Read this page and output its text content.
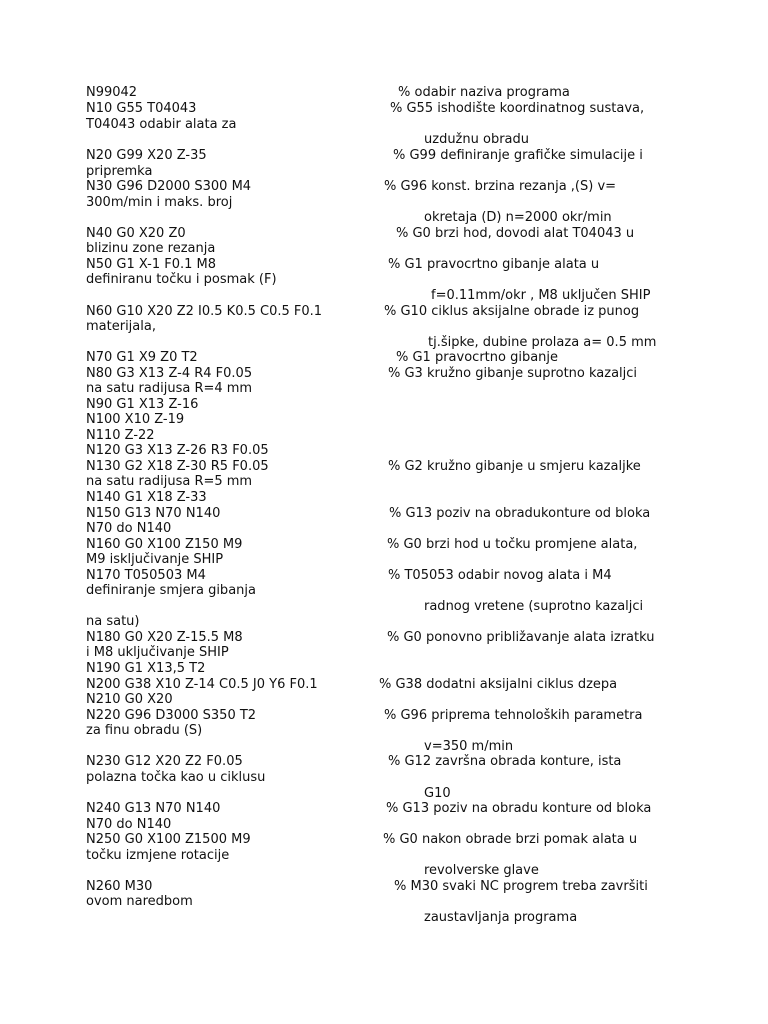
N99042	% odabir naziva programa
N10 G55 T04043	% G55 ishodište koordinatnog sustava,
T04043 odabir alata za
uzdužnu obradu
N20 G99 X20 Z-35	% G99 definiranje grafičke simulacije i
pripremka
N30 G96 D2000 S300 M4	% G96 konst. brzina rezanja ,(S) v=
300m/min i maks. broj
okretaja (D) n=2000 okr/min
N40 G0 X20 Z0	% G0 brzi hod, dovodi alat T04043 u
blizinu zone rezanja
N50 G1 X-1 F0.1 M8	% G1 pravocrtno gibanje alata u
definiranu točku i posmak (F)
f=0.11mm/okr , M8 uključen SHIP
N60 G10 X20 Z2 I0.5 K0.5 C0.5 F0.1	% G10 ciklus aksijalne obrade iz punog
materijala,
tj.šipke, dubine prolaza a= 0.5 mm
N70 G1 X9 Z0 T2	% G1 pravocrtno gibanje
N80 G3 X13 Z-4 R4 F0.05	% G3 kružno gibanje suprotno kazaljci
na satu radijusa R=4 mm
N90 G1 X13 Z-16
N100 X10 Z-19
N110 Z-22
N120 G3 X13 Z-26 R3 F0.05
N130 G2 X18 Z-30 R5 F0.05	% G2 kružno gibanje u smjeru kazaljke
na satu radijusa R=5 mm
N140 G1 X18 Z-33
N150 G13 N70 N140	% G13 poziv na obradukonture od bloka
N70 do N140
N160 G0 X100 Z150 M9	% G0 brzi hod u točku promjene alata,
M9 isključivanje SHIP
N170 T050503 M4	% T05053 odabir novog alata i M4
definiranje smjera gibanja
radnog vretene (suprotno kazaljci
na satu)
N180 G0 X20 Z-15.5 M8	% G0 ponovno približavanje alata izratku
i M8 uključivanje SHIP
N190 G1 X13,5 T2
N200 G38 X10 Z-14 C0.5 J0 Y6 F0.1	% G38 dodatni aksijalni ciklus dzepa
N210 G0 X20
N220 G96 D3000 S350 T2	% G96 priprema tehnoloških parametra
za finu obradu (S)
v=350 m/min
N230 G12 X20 Z2 F0.05	% G12 završna obrada konture, ista
polazna točka kao u ciklusu
G10
N240 G13 N70 N140	% G13 poziv na obradu konture od bloka
N70 do N140
N250 G0 X100 Z1500 M9	% G0 nakon obrade brzi pomak alata u
točku izmjene rotacije
revolverske glave
N260 M30	% M30 svaki NC progrem treba završiti
ovom naredbom
zaustavljanja programa
